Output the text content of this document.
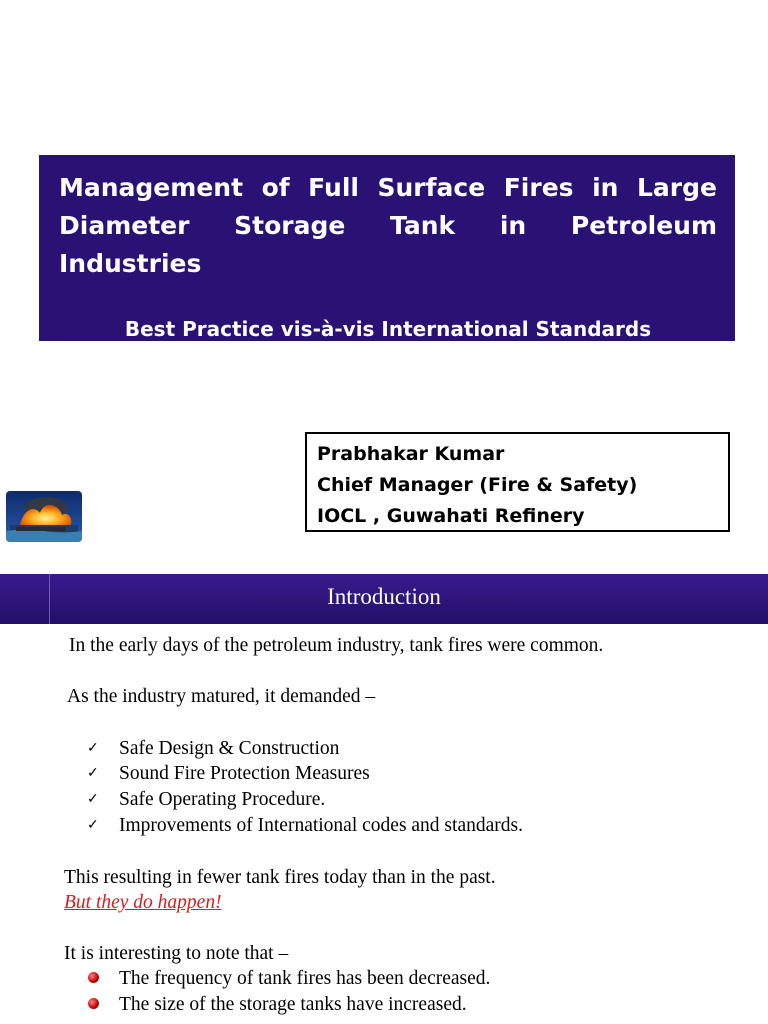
Management of Full Surface Fires in Large
Diameter Storage Tank in Petroleum Industries

Best Practice vis-à-vis International Standards

Prabhakar Kumar
Chief Manager (Fire & Safety)
IOCL , Guwahati Refinery
Introduction
In the early days of the petroleum industry, tank fires were common.
As the industry matured, it demanded –
✓ Safe Design & Construction
✓ Sound Fire Protection Measures
✓ Safe Operating Procedure.
✓ Improvements of International codes and standards.
This resulting in fewer tank fires today than in the past.
But they do happen!
It is interesting to note that –
The frequency of tank fires has been decreased.
The size of the storage tanks have increased.
